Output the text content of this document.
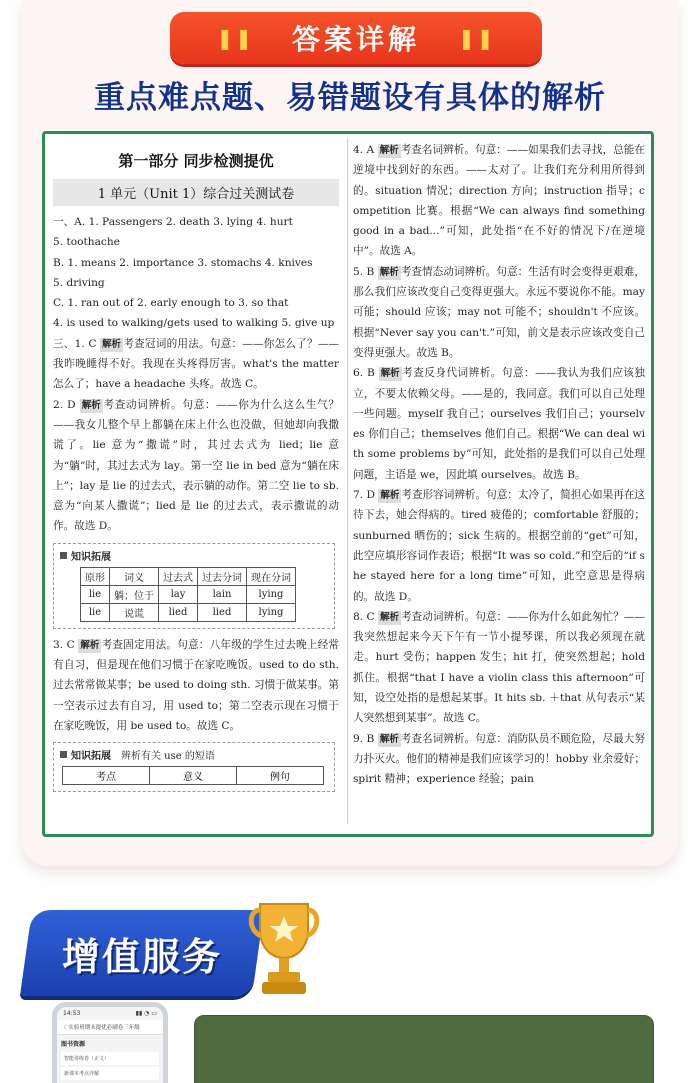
❚❚ 答案详解 ❚❚
重点难点题、易错题设有具体的解析
第一部分 同步检测提优
1 单元（Unit 1）综合过关测试卷

一、A. 1. Passengers 2. death 3. lying 4. hurt

5. toothache

B. 1. means 2. importance 3. stomachs 4. knives

5. driving

C. 1. ran out of 2. early enough to 3. so that

4. is used to walking/gets used to walking 5. give up

三、1. C 解析 考查冠词的用法。句意：——你怎么了？——我昨晚睡得不好。我现在头疼得厉害。what's the matter 怎么了；have a headache 头疼。故选 C。

2. D 解析 考查动词辨析。句意：——你为什么这么生气？——我女儿整个早上都躺在床上什么也没做，但她却向我撒谎了。lie 意为“撒谎”时，其过去式为 lied；lie 意为“躺”时，其过去式为 lay。第一空 lie in bed 意为“躺在床上”；lay 是 lie 的过去式，表示躺的动作。第二空 lie to sb. 意为“向某人撒谎”；lied 是 lie 的过去式，表示撒谎的动作。故选 D。

知识拓展
原形	词义	过去式	过去分词	现在分词
lie	躺；位于	lay	lain	lying
lie	说谎	lied	lied	lying

3. C 解析 考查固定用法。句意：八年级的学生过去晚上经常有自习，但是现在他们习惯于在家吃晚饭。used to do sth. 过去常常做某事；be used to doing sth. 习惯于做某事。第一空表示过去有自习，用 used to；第二空表示现在习惯于在家吃晚饭，用 be used to。故选 C。

知识拓展 辨析有关 use 的短语
考点	意义	例句

4. A 解析 考查名词辨析。句意：——如果我们去寻找，总能在逆境中找到好的东西。——太对了。让我们充分利用所得到的。situation 情况；direction 方向；instruction 指导；competition 比赛。根据“We can always find something good in a bad...”可知，此处指“在不好的情况下/在逆境中”。故选 A。

5. B 解析 考查情态动词辨析。句意：生活有时会变得更艰难，那么我们应该改变自己变得更强大。永远不要说你不能。may 可能；should 应该；may not 可能不；shouldn't 不应该。根据“Never say you can't.”可知，前文是表示应该改变自己变得更强大。故选 B。

6. B 解析 考查反身代词辨析。句意：——我认为我们应该独立，不要太依赖父母。——是的，我同意。我们可以自己处理一些问题。myself 我自己；ourselves 我们自己；yourselves 你们自己；themselves 他们自己。根据“We can deal with some problems by”可知，此处指的是我们可以自己处理问题，主语是 we，因此填 ourselves。故选 B。

7. D 解析 考查形容词辨析。句意：太冷了，简担心如果再在这待下去，她会得病的。tired 疲倦的；comfortable 舒服的；sunburned 晒伤的；sick 生病的。根据空前的“get”可知，此空应填形容词作表语；根据“It was so cold.”和空后的“if she stayed here for a long time”可知，此空意思是得病的。故选 D。

8. C 解析 考查动词辨析。句意：——你为什么如此匆忙？——我突然想起来今天下午有一节小提琴课，所以我必须现在就走。hurt 受伤；happen 发生；hit 打，使突然想起；hold 抓住。根据“that I have a violin class this afternoon”可知，设空处指的是想起某事。It hits sb. ＋that 从句表示“某人突然想到某事”。故选 C。

9. B 解析 考查名词辨析。句意：消防队员不顾危险，尽最大努力扑灭火。他们的精神是我们应该学习的！hobby 业余爱好；spirit 精神；experience 经验；pain

增值服务
14:53	▮▮ ◔ ▭
〈 实验班期末提优必刷卷三年级
图书资源
智能讲练卷（正文）
新课本考点详解
